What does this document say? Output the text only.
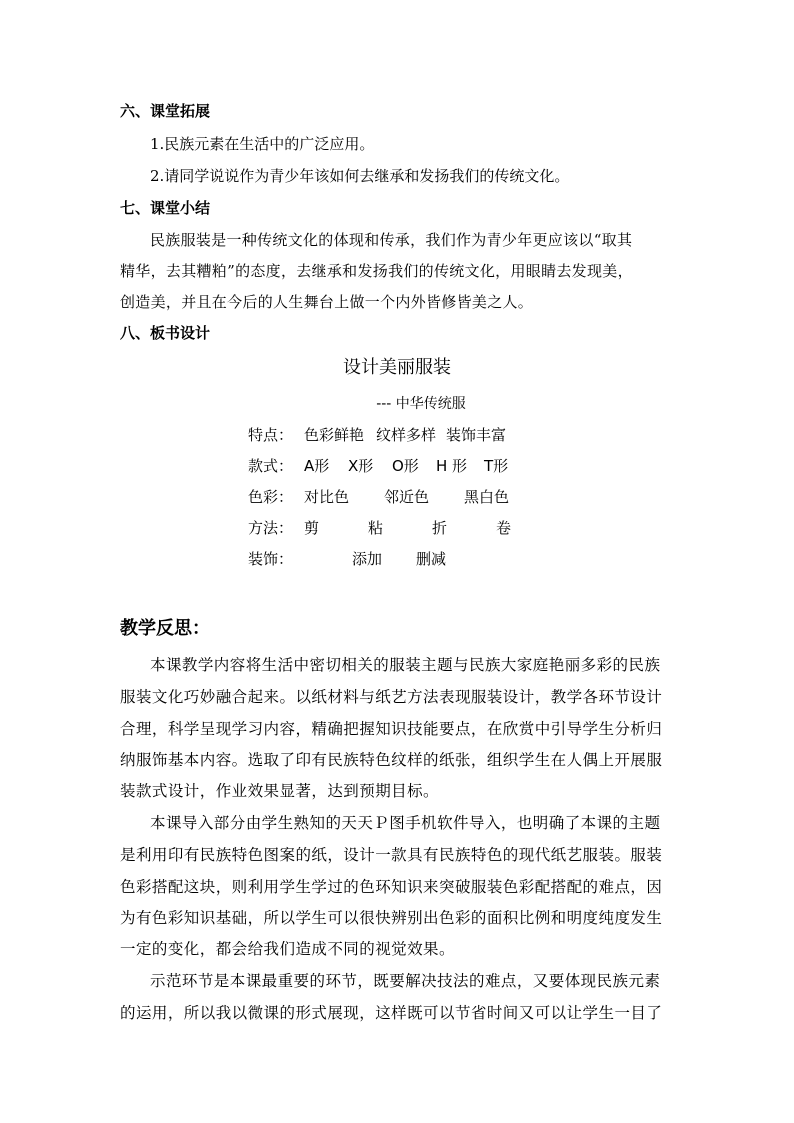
六、课堂拓展
1.民族元素在生活中的广泛应用。
2.请同学说说作为青少年该如何去继承和发扬我们的传统文化。
七、课堂小结
民族服装是一种传统文化的体现和传承，我们作为青少年更应该以“取其
精华，去其糟粕”的态度，去继承和发扬我们的传统文化，用眼睛去发现美，
创造美，并且在今后的人生舞台上做一个内外皆修皆美之人。
八、板书设计
设计美丽服装
--- 中华传统服
特点： 色彩鲜艳 纹样多样 装饰丰富
款式： A形 X形 O形 H 形 T形
色彩： 对比色 邻近色 黑白色
方法： 剪	粘	折	卷
装饰：	添加 删减
教学反思：
本课教学内容将生活中密切相关的服装主题与民族大家庭艳丽多彩的民族
服装文化巧妙融合起来。以纸材料与纸艺方法表现服装设计，教学各环节设计
合理，科学呈现学习内容，精确把握知识技能要点，在欣赏中引导学生分析归
纳服饰基本内容。选取了印有民族特色纹样的纸张，组织学生在人偶上开展服
装款式设计，作业效果显著，达到预期目标。
本课导入部分由学生熟知的天天Ｐ图手机软件导入，也明确了本课的主题
是利用印有民族特色图案的纸，设计一款具有民族特色的现代纸艺服装。服装
色彩搭配这块，则利用学生学过的色环知识来突破服装色彩配搭配的难点，因
为有色彩知识基础，所以学生可以很快辨别出色彩的面积比例和明度纯度发生
一定的变化，都会给我们造成不同的视觉效果。
示范环节是本课最重要的环节，既要解决技法的难点，又要体现民族元素
的运用，所以我以微课的形式展现，这样既可以节省时间又可以让学生一目了
